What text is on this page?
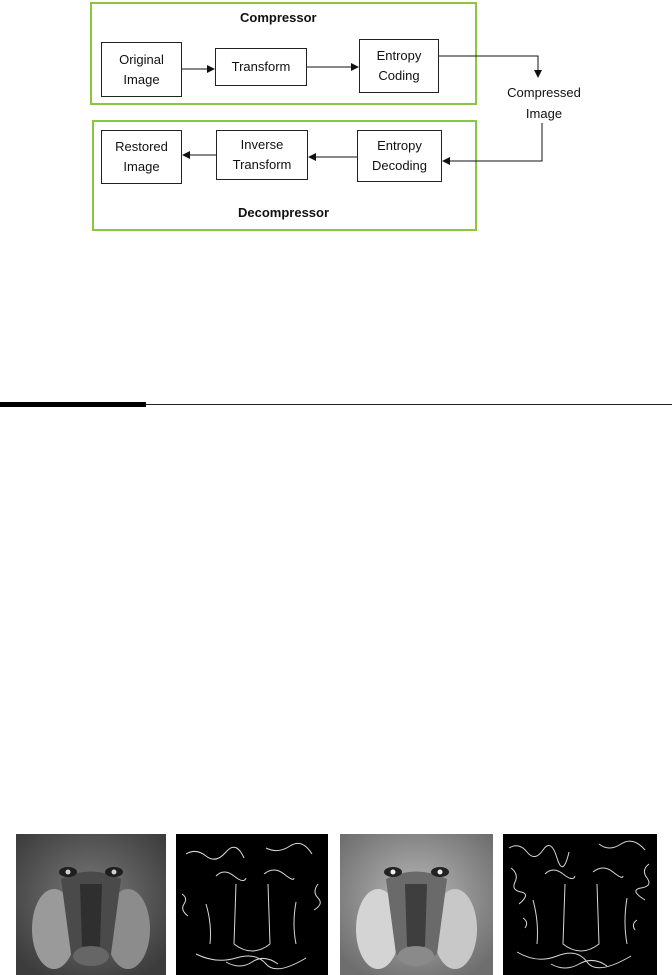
Compressor
Decompressor
Original
Image
Transform
Entropy
Coding
Restored
Image
Inverse
Transform
Entropy
Decoding
Compressed
Image
